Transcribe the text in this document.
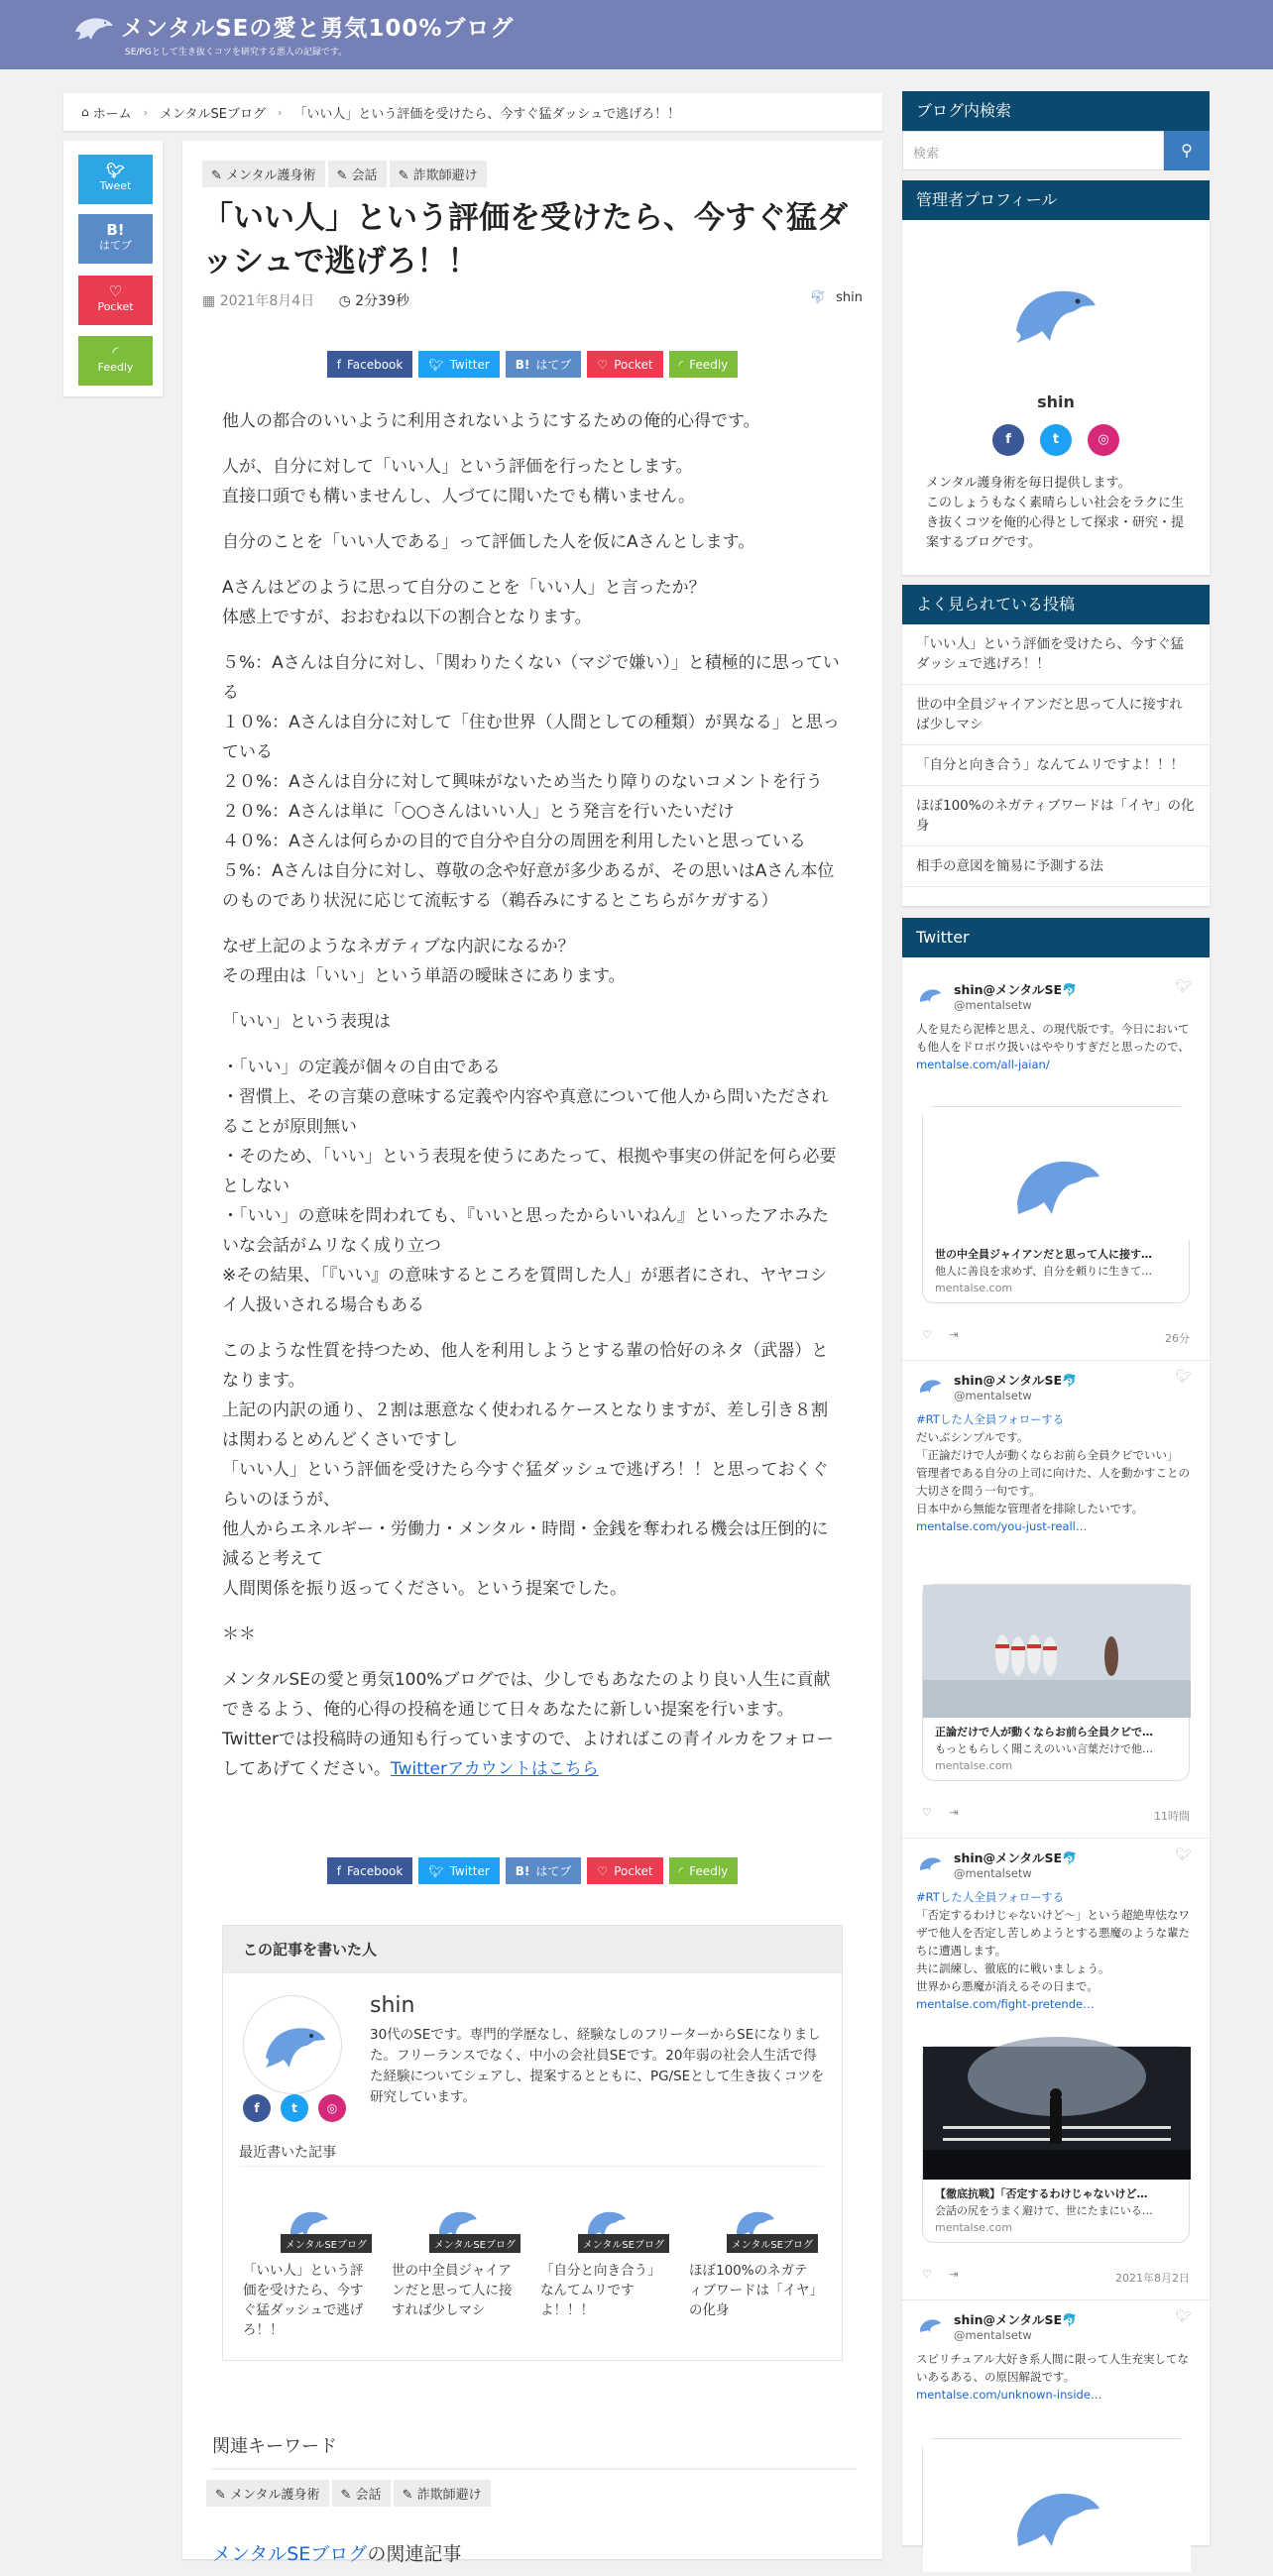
メンタルSEの愛と勇気100%ブログ
SE/PGとして生き抜くコツを研究する悪人の記録です。
⌂ ホーム › メンタルSEブログ › 「いい人」という評価を受けたら、今すぐ猛ダッシュで逃げろ！！
🐦︎
Tweet
B!
はてブ
♡
Pocket
◜
Feedly
✎ メンタル護身術 ✎ 会話 ✎ 詐欺師避け
「いい人」という評価を受けたら、今すぐ猛ダッシュで逃げろ！！
▦ 2021年8月4日 ◷ 2分39秒	🐬︎ shin
f Facebook 🐦︎ Twitter B! はてブ ♡ Pocket ◜ Feedly

他人の都合のいいように利用されないようにするための俺的心得です。

人が、自分に対して「いい人」という評価を行ったとします。
直接口頭でも構いませんし、人づてに聞いたでも構いません。

自分のことを「いい人である」って評価した人を仮にAさんとします。

Aさんはどのように思って自分のことを「いい人」と言ったか？
体感上ですが、おおむね以下の割合となります。

５%：Aさんは自分に対し、「関わりたくない（マジで嫌い）」と積極的に思っている
１０%：Aさんは自分に対して「住む世界（人間としての種類）が異なる」と思っている
２０%：Aさんは自分に対して興味がないため当たり障りのないコメントを行う
２０%：Aさんは単に「○○さんはいい人」とう発言を行いたいだけ
４０%：Aさんは何らかの目的で自分や自分の周囲を利用したいと思っている
５%：Aさんは自分に対し、尊敬の念や好意が多少あるが、その思いはAさん本位のものであり状況に応じて流転する（鵜呑みにするとこちらがケガする）

なぜ上記のようなネガティブな内訳になるか？
その理由は「いい」という単語の曖昧さにあります。

「いい」という表現は

・「いい」の定義が個々の自由である
・習慣上、その言葉の意味する定義や内容や真意について他人から問いただされることが原則無い
・そのため、「いい」という表現を使うにあたって、根拠や事実の併記を何ら必要としない
・「いい」の意味を問われても、『いいと思ったからいいねん』といったアホみたいな会話がムリなく成り立つ
※その結果、「『いい』の意味するところを質問した人」が悪者にされ、ヤヤコシイ人扱いされる場合もある

このような性質を持つため、他人を利用しようとする輩の恰好のネタ（武器）となります。
上記の内訳の通り、２割は悪意なく使われるケースとなりますが、差し引き８割は関わるとめんどくさいですし
「いい人」という評価を受けたら今すぐ猛ダッシュで逃げろ！！と思っておくぐらいのほうが、
他人からエネルギー・労働力・メンタル・時間・金銭を奪われる機会は圧倒的に減ると考えて
人間関係を振り返ってください。という提案でした。

＊＊

メンタルSEの愛と勇気100%ブログでは、少しでもあなたのより良い人生に貢献できるよう、俺的心得の投稿を通じて日々あなたに新しい提案を行います。
Twitterでは投稿時の通知も行っていますので、よければこの青イルカをフォローしてあげてください。Twitterアカウントはこちら

f Facebook 🐦︎ Twitter B! はてブ ♡ Pocket ◜ Feedly
この記事を書いた人
shin
30代のSEです。専門的学歴なし、経験なしのフリーターからSEになりました。フリーランスでなく、中小の会社員SEです。20年弱の社会人生活で得た経験についてシェアし、提案するとともに、PG/SEとして生き抜くコツを研究しています。
f	t	◎
最近書いた記事
メンタルSEブログ
「いい人」という評価を受けたら、今すぐ猛ダッシュで逃げろ！！
メンタルSEブログ
世の中全員ジャイアンだと思って人に接すれば少しマシ
メンタルSEブログ
「自分と向き合う」なんてムリですよ！！！
メンタルSEブログ
ほぼ100%のネガティブワードは「イヤ」の化身
関連キーワード
✎ メンタル護身術 ✎ 会話 ✎ 詐欺師避け
メンタルSEブログの関連記事
ブログ内検索
検索	⚲
管理者プロフィール
shin
f	t	◎
メンタル護身術を毎日提供します。
このしょうもなく素晴らしい社会をラクに生き抜くコツを俺的心得として探求・研究・提案するブログです。
よく見られている投稿
「いい人」という評価を受けたら、今すぐ猛ダッシュで逃げろ！！
世の中全員ジャイアンだと思って人に接すれば少しマシ
「自分と向き合う」なんてムリですよ！！！
ほぼ100%のネガティブワードは「イヤ」の化身
相手の意図を簡易に予測する法
Twitter
shin@メンタルSE🐬
@mentalsetw
🐦︎
人を見たら泥棒と思え、の現代版です。今日においても他人をドロボウ扱いはややりすぎだと思ったので、mentalse.com/all-jaian/
世の中全員ジャイアンだと思って人に接す…
他人に善良を求めず、自分を頼りに生きて…
mentalse.com
♡ ⇥	26分
shin@メンタルSE🐬
@mentalsetw
🐦︎
#RTした人全員フォローする
だいぶシンプルです。
「正論だけで人が動くならお前ら全員クビでいい」
管理者である自分の上司に向けた、人を動かすことの大切さを問う一句です。
日本中から無能な管理者を排除したいです。
mentalse.com/you-just-reall…
正論だけで人が動くならお前ら全員クビで…
もっともらしく聞こえのいい言葉だけで他…
mentalse.com
♡ ⇥	11時間
shin@メンタルSE🐬
@mentalsetw
🐦︎
#RTした人全員フォローする
「否定するわけじゃないけど～」という超絶卑怯なワザで他人を否定し苦しめようとする悪魔のような輩たちに遭遇します。
共に訓練し、徹底的に戦いましょう。
世界から悪魔が消えるその日まで。
mentalse.com/fight-pretende…
【徹底抗戦】「否定するわけじゃないけど…
会話の尻をうまく避けて、世にたまにいる…
mentalse.com
♡ ⇥	2021年8月2日
shin@メンタルSE🐬
@mentalsetw
🐦︎
スピリチュアル大好き系人間に限って人生充実してないあるある、の原因解説です。
mentalse.com/unknown-inside…
